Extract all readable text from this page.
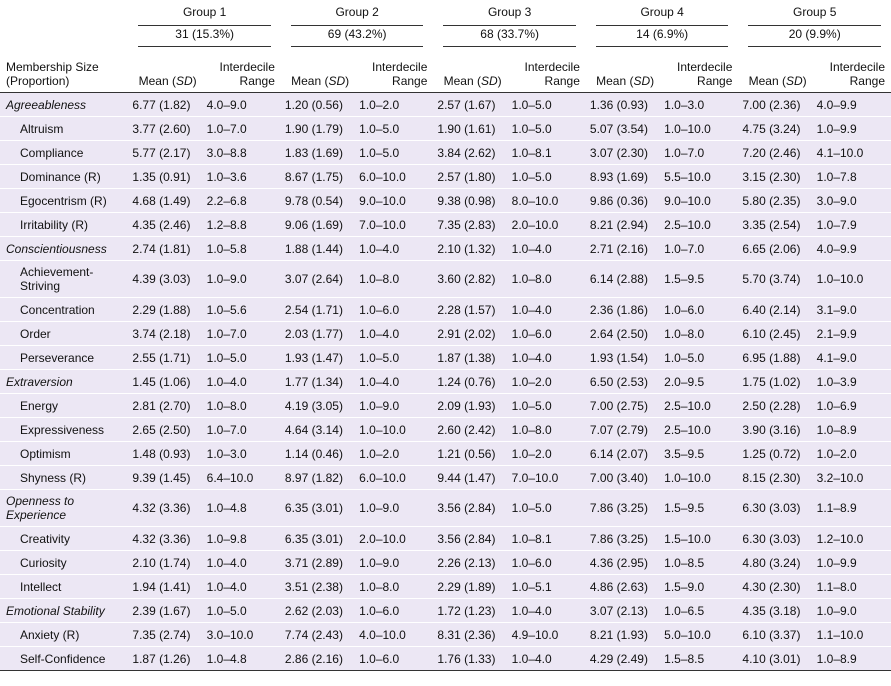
	Group 1		Group 2		Group 3		Group 4		Group 5	

Membership Size
(Proportion)	31 (15.3%)		69 (43.2%)		68 (33.7%)		14 (6.9%)		20 (9.9%)	

	Mean (SD)	Interdecile Range	Mean (SD)	Interdecile Range	Mean (SD)	Interdecile Range	Mean (SD)	Interdecile Range	Mean (SD)	Interdecile Range
Agreeableness	6.77 (1.82)	4.0–9.0	1.20 (0.56)	1.0–2.0	2.57 (1.67)	1.0–5.0	1.36 (0.93)	1.0–3.0	7.00 (2.36)	4.0–9.9
Altruism	3.77 (2.60)	1.0–7.0	1.90 (1.79)	1.0–5.0	1.90 (1.61)	1.0–5.0	5.07 (3.54)	1.0–10.0	4.75 (3.24)	1.0–9.9
Compliance	5.77 (2.17)	3.0–8.8	1.83 (1.69)	1.0–5.0	3.84 (2.62)	1.0–8.1	3.07 (2.30)	1.0–7.0	7.20 (2.46)	4.1–10.0
Dominance (R)	1.35 (0.91)	1.0–3.6	8.67 (1.75)	6.0–10.0	2.57 (1.80)	1.0–5.0	8.93 (1.69)	5.5–10.0	3.15 (2.30)	1.0–7.8
Egocentrism (R)	4.68 (1.49)	2.2–6.8	9.78 (0.54)	9.0–10.0	9.38 (0.98)	8.0–10.0	9.86 (0.36)	9.0–10.0	5.80 (2.35)	3.0–9.0
Irritability (R)	4.35 (2.46)	1.2–8.8	9.06 (1.69)	7.0–10.0	7.35 (2.83)	2.0–10.0	8.21 (2.94)	2.5–10.0	3.35 (2.54)	1.0–7.9
Conscientiousness	2.74 (1.81)	1.0–5.8	1.88 (1.44)	1.0–4.0	2.10 (1.32)	1.0–4.0	2.71 (2.16)	1.0–7.0	6.65 (2.06)	4.0–9.9
Achievement-Striving	4.39 (3.03)	1.0–9.0	3.07 (2.64)	1.0–8.0	3.60 (2.82)	1.0–8.0	6.14 (2.88)	1.5–9.5	5.70 (3.74)	1.0–10.0
Concentration	2.29 (1.88)	1.0–5.6	2.54 (1.71)	1.0–6.0	2.28 (1.57)	1.0–4.0	2.36 (1.86)	1.0–6.0	6.40 (2.14)	3.1–9.0
Order	3.74 (2.18)	1.0–7.0	2.03 (1.77)	1.0–4.0	2.91 (2.02)	1.0–6.0	2.64 (2.50)	1.0–8.0	6.10 (2.45)	2.1–9.9
Perseverance	2.55 (1.71)	1.0–5.0	1.93 (1.47)	1.0–5.0	1.87 (1.38)	1.0–4.0	1.93 (1.54)	1.0–5.0	6.95 (1.88)	4.1–9.0
Extraversion	1.45 (1.06)	1.0–4.0	1.77 (1.34)	1.0–4.0	1.24 (0.76)	1.0–2.0	6.50 (2.53)	2.0–9.5	1.75 (1.02)	1.0–3.9
Energy	2.81 (2.70)	1.0–8.0	4.19 (3.05)	1.0–9.0	2.09 (1.93)	1.0–5.0	7.00 (2.75)	2.5–10.0	2.50 (2.28)	1.0–6.9
Expressiveness	2.65 (2.50)	1.0–7.0	4.64 (3.14)	1.0–10.0	2.60 (2.42)	1.0–8.0	7.07 (2.79)	2.5–10.0	3.90 (3.16)	1.0–8.9
Optimism	1.48 (0.93)	1.0–3.0	1.14 (0.46)	1.0–2.0	1.21 (0.56)	1.0–2.0	6.14 (2.07)	3.5–9.5	1.25 (0.72)	1.0–2.0
Shyness (R)	9.39 (1.45)	6.4–10.0	8.97 (1.82)	6.0–10.0	9.44 (1.47)	7.0–10.0	7.00 (3.40)	1.0–10.0	8.15 (2.30)	3.2–10.0
Openness to Experience	4.32 (3.36)	1.0–4.8	6.35 (3.01)	1.0–9.0	3.56 (2.84)	1.0–5.0	7.86 (3.25)	1.5–9.5	6.30 (3.03)	1.1–8.9
Creativity	4.32 (3.36)	1.0–9.8	6.35 (3.01)	2.0–10.0	3.56 (2.84)	1.0–8.1	7.86 (3.25)	1.5–10.0	6.30 (3.03)	1.2–10.0
Curiosity	2.10 (1.74)	1.0–4.0	3.71 (2.89)	1.0–9.0	2.26 (2.13)	1.0–6.0	4.36 (2.95)	1.0–8.5	4.80 (3.24)	1.0–9.9
Intellect	1.94 (1.41)	1.0–4.0	3.51 (2.38)	1.0–8.0	2.29 (1.89)	1.0–5.1	4.86 (2.63)	1.5–9.0	4.30 (2.30)	1.1–8.0
Emotional Stability	2.39 (1.67)	1.0–5.0	2.62 (2.03)	1.0–6.0	1.72 (1.23)	1.0–4.0	3.07 (2.13)	1.0–6.5	4.35 (3.18)	1.0–9.0
Anxiety (R)	7.35 (2.74)	3.0–10.0	7.74 (2.43)	4.0–10.0	8.31 (2.36)	4.9–10.0	8.21 (1.93)	5.0–10.0	6.10 (3.37)	1.1–10.0
Self-Confidence	1.87 (1.26)	1.0–4.8	2.86 (2.16)	1.0–6.0	1.76 (1.33)	1.0–4.0	4.29 (2.49)	1.5–8.5	4.10 (3.01)	1.0–8.9
